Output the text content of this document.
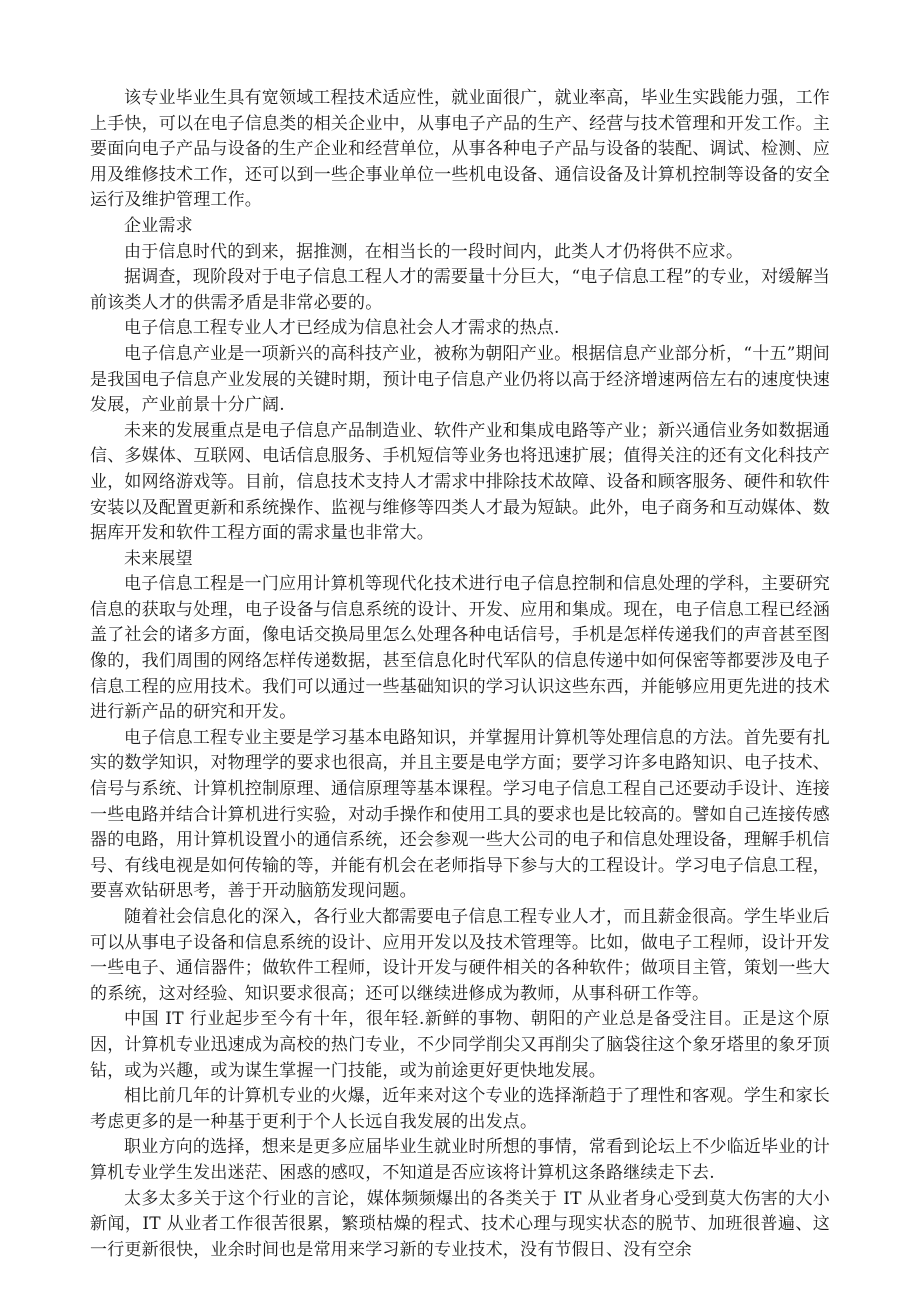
该专业毕业生具有宽领域工程技术适应性，就业面很广，就业率高，毕业生实践能力强，工作上手快，可以在电子信息类的相关企业中，从事电子产品的生产、经营与技术管理和开发工作。主要面向电子产品与设备的生产企业和经营单位，从事各种电子产品与设备的装配、调试、检测、应用及维修技术工作，还可以到一些企事业单位一些机电设备、通信设备及计算机控制等设备的安全运行及维护管理工作。

企业需求

由于信息时代的到来，据推测，在相当长的一段时间内，此类人才仍将供不应求。

据调查，现阶段对于电子信息工程人才的需要量十分巨大，“电子信息工程”的专业，对缓解当前该类人才的供需矛盾是非常必要的。

电子信息工程专业人才已经成为信息社会人才需求的热点.

电子信息产业是一项新兴的高科技产业，被称为朝阳产业。根据信息产业部分析，“十五”期间是我国电子信息产业发展的关键时期，预计电子信息产业仍将以高于经济增速两倍左右的速度快速发展，产业前景十分广阔.

未来的发展重点是电子信息产品制造业、软件产业和集成电路等产业；新兴通信业务如数据通信、多媒体、互联网、电话信息服务、手机短信等业务也将迅速扩展；值得关注的还有文化科技产业，如网络游戏等。目前，信息技术支持人才需求中排除技术故障、设备和顾客服务、硬件和软件安装以及配置更新和系统操作、监视与维修等四类人才最为短缺。此外，电子商务和互动媒体、数据库开发和软件工程方面的需求量也非常大。

未来展望

电子信息工程是一门应用计算机等现代化技术进行电子信息控制和信息处理的学科，主要研究信息的获取与处理，电子设备与信息系统的设计、开发、应用和集成。现在，电子信息工程已经涵盖了社会的诸多方面，像电话交换局里怎么处理各种电话信号，手机是怎样传递我们的声音甚至图像的，我们周围的网络怎样传递数据，甚至信息化时代军队的信息传递中如何保密等都要涉及电子信息工程的应用技术。我们可以通过一些基础知识的学习认识这些东西，并能够应用更先进的技术进行新产品的研究和开发。

电子信息工程专业主要是学习基本电路知识，并掌握用计算机等处理信息的方法。首先要有扎实的数学知识，对物理学的要求也很高，并且主要是电学方面；要学习许多电路知识、电子技术、信号与系统、计算机控制原理、通信原理等基本课程。学习电子信息工程自己还要动手设计、连接一些电路并结合计算机进行实验，对动手操作和使用工具的要求也是比较高的。譬如自己连接传感器的电路，用计算机设置小的通信系统，还会参观一些大公司的电子和信息处理设备，理解手机信号、有线电视是如何传输的等，并能有机会在老师指导下参与大的工程设计。学习电子信息工程，要喜欢钻研思考，善于开动脑筋发现问题。

随着社会信息化的深入，各行业大都需要电子信息工程专业人才，而且薪金很高。学生毕业后可以从事电子设备和信息系统的设计、应用开发以及技术管理等。比如，做电子工程师，设计开发一些电子、通信器件；做软件工程师，设计开发与硬件相关的各种软件；做项目主管，策划一些大的系统，这对经验、知识要求很高；还可以继续进修成为教师，从事科研工作等。

中国 IT 行业起步至今有十年，很年轻.新鲜的事物、朝阳的产业总是备受注目。正是这个原因，计算机专业迅速成为高校的热门专业，不少同学削尖又再削尖了脑袋往这个象牙塔里的象牙顶钻，或为兴趣，或为谋生掌握一门技能，或为前途更好更快地发展。

相比前几年的计算机专业的火爆，近年来对这个专业的选择渐趋于了理性和客观。学生和家长考虑更多的是一种基于更利于个人长远自我发展的出发点。

职业方向的选择，想来是更多应届毕业生就业时所想的事情，常看到论坛上不少临近毕业的计算机专业学生发出迷茫、困惑的感叹，不知道是否应该将计算机这条路继续走下去.

太多太多关于这个行业的言论，媒体频频爆出的各类关于 IT 从业者身心受到莫大伤害的大小新闻，IT 从业者工作很苦很累，繁琐枯燥的程式、技术心理与现实状态的脱节、加班很普遍、这一行更新很快，业余时间也是常用来学习新的专业技术，没有节假日、没有空余
